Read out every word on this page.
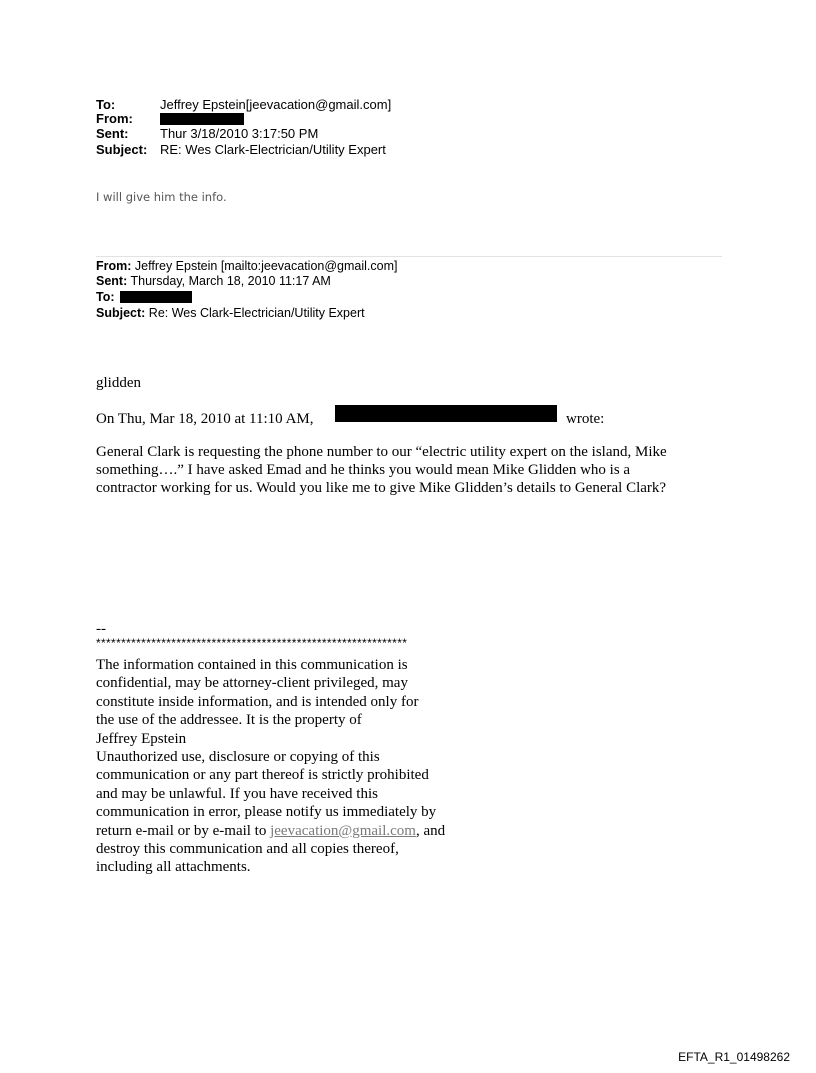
To:	Jeffrey Epstein[jeevacation@gmail.com]
From:
Sent: Thur 3/18/2010 3:17:50 PM
Subject: RE: Wes Clark-Electrician/Utility Expert
I will give him the info.
From: Jeffrey Epstein [mailto:jeevacation@gmail.com]
Sent: Thursday, March 18, 2010 11:17 AM
To:
Subject: Re: Wes Clark-Electrician/Utility Expert
glidden
On Thu, Mar 18, 2010 at 11:10 AM,	wrote:
General Clark is requesting the phone number to our “electric utility expert on the island, Mike
something….” I have asked Emad and he thinks you would mean Mike Glidden who is a
contractor working for us. Would you like me to give Mike Glidden’s details to General Clark?
--
**************************************************************
The information contained in this communication is
confidential, may be attorney-client privileged, may
constitute inside information, and is intended only for
the use of the addressee. It is the property of
Jeffrey Epstein
Unauthorized use, disclosure or copying of this
communication or any part thereof is strictly prohibited
and may be unlawful. If you have received this
communication in error, please notify us immediately by
return e-mail or by e-mail to jeevacation@gmail.com, and
destroy this communication and all copies thereof,
including all attachments.
EFTA_R1_01498262
